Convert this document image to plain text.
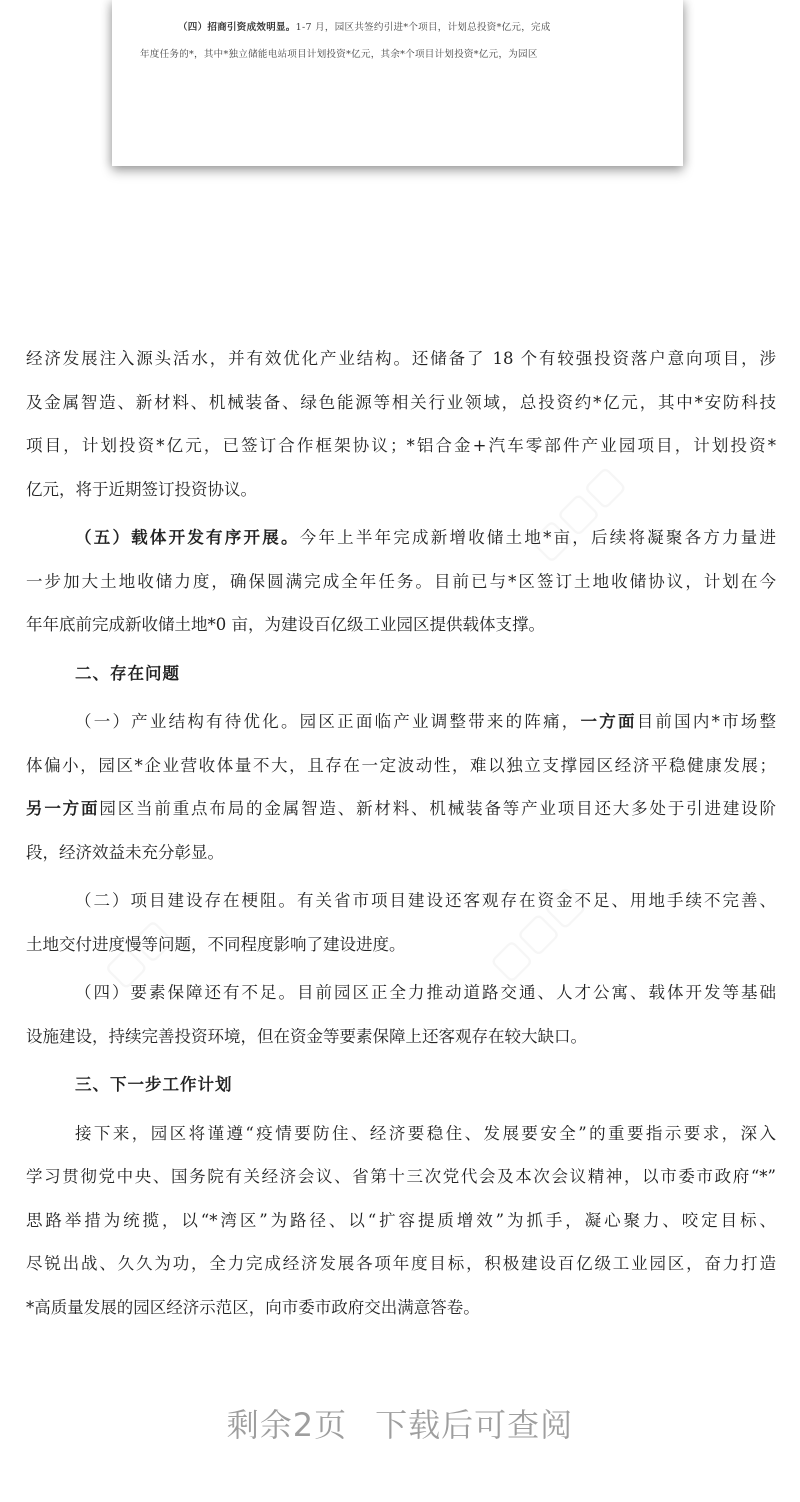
▢▢▢
▢▢▢
▢▢
（四）招商引资成效明显。1-7 月，园区共签约引进*个项目，计划总投资*亿元，完成
年度任务的*，其中*独立储能电站项目计划投资*亿元，其余*个项目计划投资*亿元，为园区
经济发展注入源头活水，并有效优化产业结构。还储备了 18 个有较强投资落户意向项目，涉
及金属智造、新材料、机械装备、绿色能源等相关行业领域，总投资约*亿元，其中*安防科技
项目，计划投资*亿元，已签订合作框架协议；*铝合金+汽车零部件产业园项目，计划投资*
亿元，将于近期签订投资协议。
（五）载体开发有序开展。今年上半年完成新增收储土地*亩，后续将凝聚各方力量进
一步加大土地收储力度，确保圆满完成全年任务。目前已与*区签订土地收储协议，计划在今
年年底前完成新收储土地*0 亩，为建设百亿级工业园区提供载体支撑。
二、存在问题
（一）产业结构有待优化。园区正面临产业调整带来的阵痛，一方面目前国内*市场整
体偏小，园区*企业营收体量不大，且存在一定波动性，难以独立支撑园区经济平稳健康发展；
另一方面园区当前重点布局的金属智造、新材料、机械装备等产业项目还大多处于引进建设阶
段，经济效益未充分彰显。
（二）项目建设存在梗阻。有关省市项目建设还客观存在资金不足、用地手续不完善、
土地交付进度慢等问题，不同程度影响了建设进度。
（四）要素保障还有不足。目前园区正全力推动道路交通、人才公寓、载体开发等基础
设施建设，持续完善投资环境，但在资金等要素保障上还客观存在较大缺口。
三、下一步工作计划
接下来，园区将谨遵“疫情要防住、经济要稳住、发展要安全”的重要指示要求，深入
学习贯彻党中央、国务院有关经济会议、省第十三次党代会及本次会议精神，以市委市政府“*”
思路举措为统揽，以“*湾区”为路径、以“扩容提质增效”为抓手，凝心聚力、咬定目标、
尽锐出战、久久为功，全力完成经济发展各项年度目标，积极建设百亿级工业园区，奋力打造
*高质量发展的园区经济示范区，向市委市政府交出满意答卷。
剩余2页 下载后可查阅
